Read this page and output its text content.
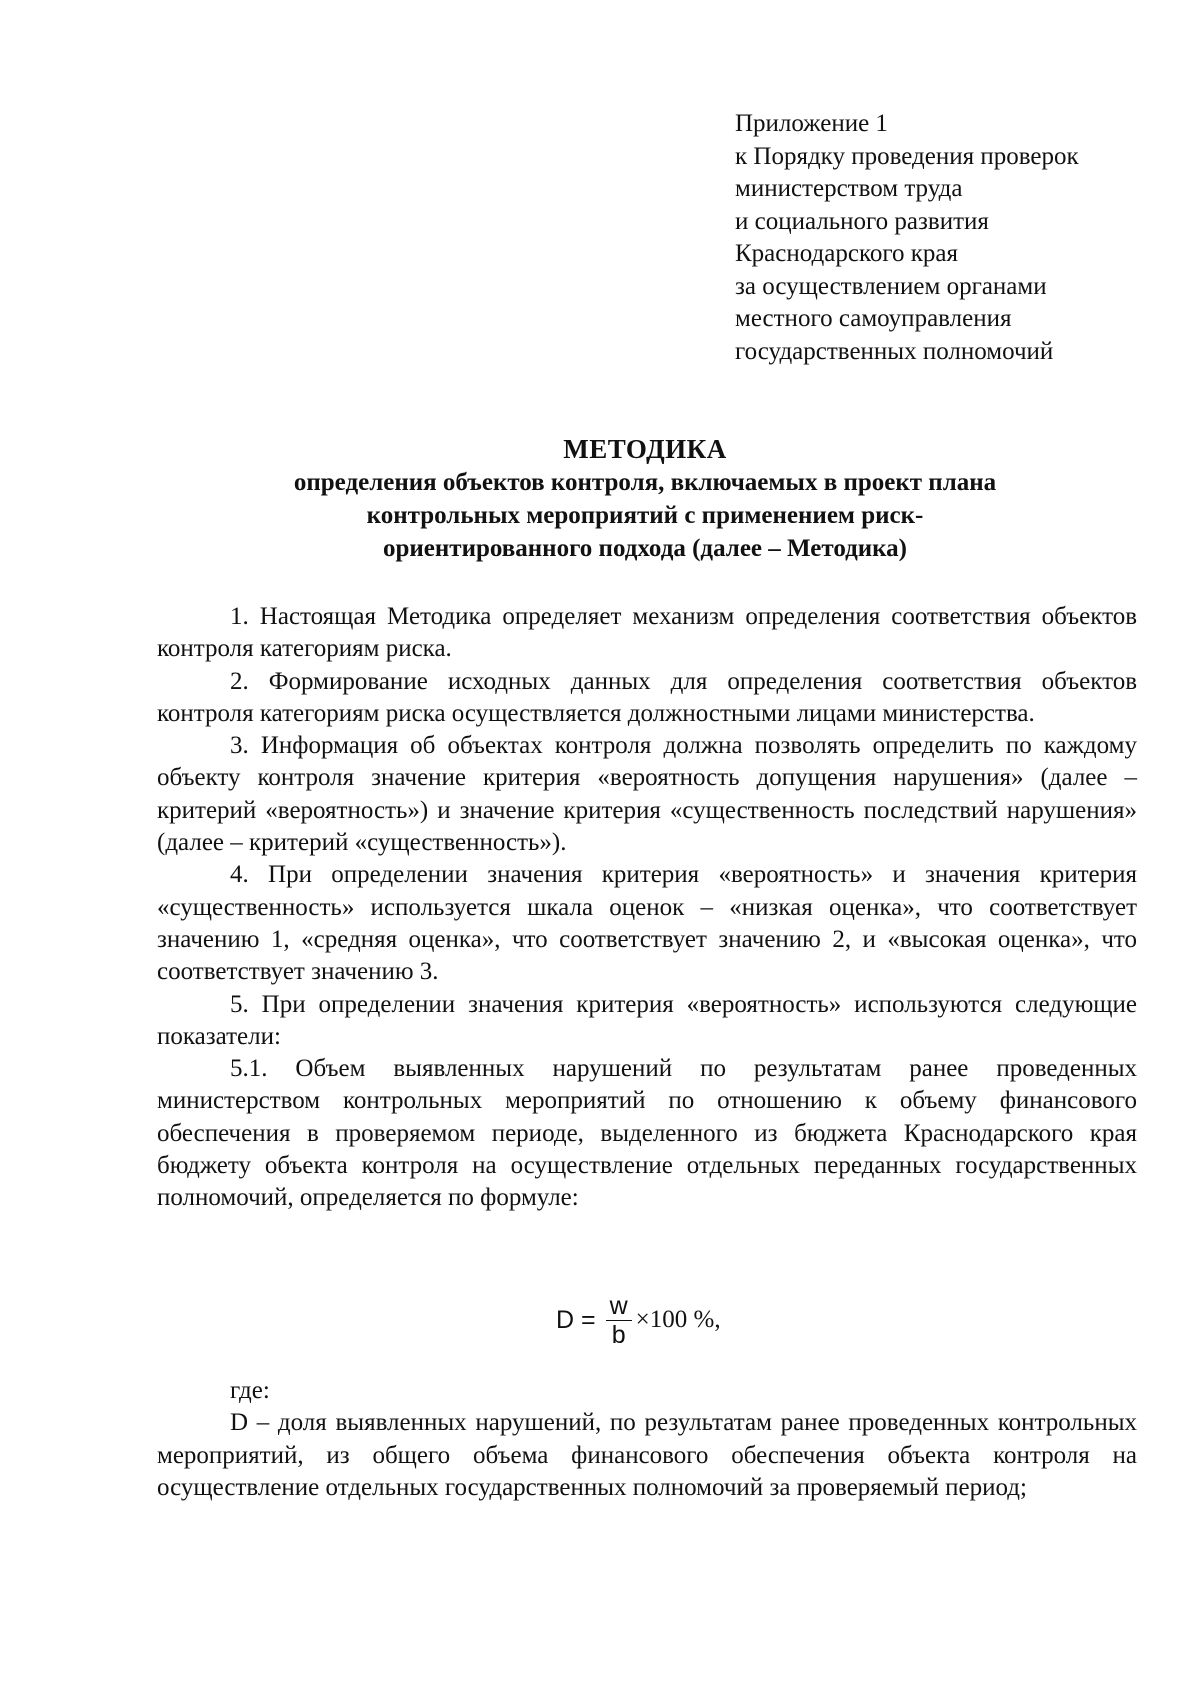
Приложение 1
к Порядку проведения проверок
министерством труда
и социального развития
Краснодарского края
за осуществлением органами
местного самоуправления
государственных полномочий
МЕТОДИКА
определения объектов контроля, включаемых в проект плана
контрольных мероприятий с применением риск-
ориентированного подхода (далее – Методика)

1. Настоящая Методика определяет механизм определения соответствия объектов контроля категориям риска.

2. Формирование исходных данных для определения соответствия объектов контроля категориям риска осуществляется должностными лицами министерства.

3. Информация об объектах контроля должна позволять определить по каждому объекту контроля значение критерия «вероятность допущения нарушения» (далее – критерий «вероятность») и значение критерия «существенность последствий нарушения» (далее – критерий «существенность»).

4. При определении значения критерия «вероятность» и значения критерия «существенность» используется шкала оценок – «низкая оценка», что соответствует значению 1, «средняя оценка», что соответствует значению 2, и «высокая оценка», что соответствует значению 3.

5. При определении значения критерия «вероятность» используются следующие показатели:

5.1. Объем выявленных нарушений по результатам ранее проведенных министерством контрольных мероприятий по отношению к объему финансового обеспечения в проверяемом периоде, выделенного из бюджета Краснодарского края бюджету объекта контроля на осуществление отдельных переданных государственных полномочий, определяется по формуле:

$D = \frac{w}{b} \times 100$ %,

где:

D – доля выявленных нарушений, по результатам ранее проведенных контрольных мероприятий, из общего объема финансового обеспечения объекта контроля на осуществление отдельных государственных полномочий за проверяемый период;
